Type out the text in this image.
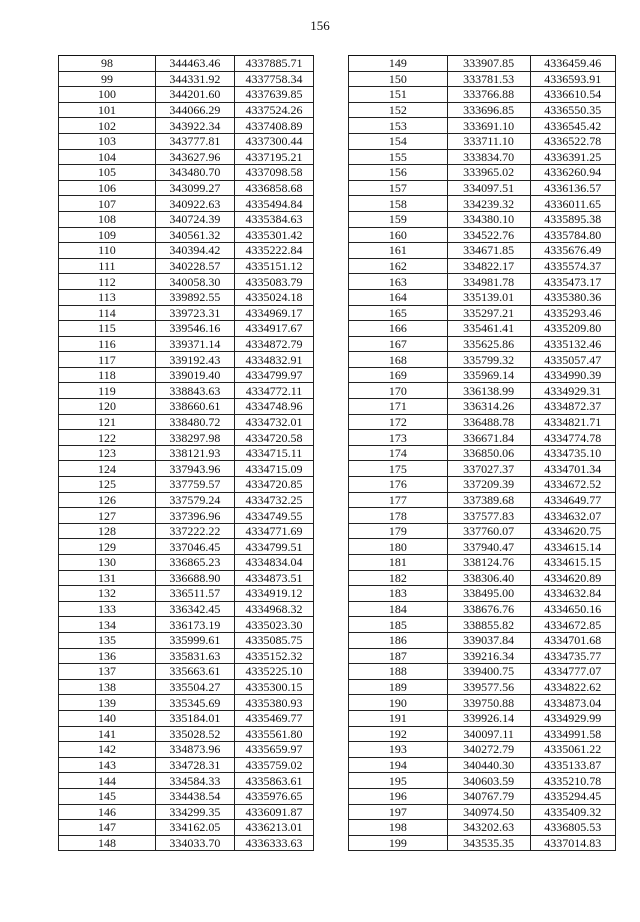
156
98	344463.46	4337885.71
99	344331.92	4337758.34
100	344201.60	4337639.85
101	344066.29	4337524.26
102	343922.34	4337408.89
103	343777.81	4337300.44
104	343627.96	4337195.21
105	343480.70	4337098.58
106	343099.27	4336858.68
107	340922.63	4335494.84
108	340724.39	4335384.63
109	340561.32	4335301.42
110	340394.42	4335222.84
111	340228.57	4335151.12
112	340058.30	4335083.79
113	339892.55	4335024.18
114	339723.31	4334969.17
115	339546.16	4334917.67
116	339371.14	4334872.79
117	339192.43	4334832.91
118	339019.40	4334799.97
119	338843.63	4334772.11
120	338660.61	4334748.96
121	338480.72	4334732.01
122	338297.98	4334720.58
123	338121.93	4334715.11
124	337943.96	4334715.09
125	337759.57	4334720.85
126	337579.24	4334732.25
127	337396.96	4334749.55
128	337222.22	4334771.69
129	337046.45	4334799.51
130	336865.23	4334834.04
131	336688.90	4334873.51
132	336511.57	4334919.12
133	336342.45	4334968.32
134	336173.19	4335023.30
135	335999.61	4335085.75
136	335831.63	4335152.32
137	335663.61	4335225.10
138	335504.27	4335300.15
139	335345.69	4335380.93
140	335184.01	4335469.77
141	335028.52	4335561.80
142	334873.96	4335659.97
143	334728.31	4335759.02
144	334584.33	4335863.61
145	334438.54	4335976.65
146	334299.35	4336091.87
147	334162.05	4336213.01
148	334033.70	4336333.63
149	333907.85	4336459.46
150	333781.53	4336593.91
151	333766.88	4336610.54
152	333696.85	4336550.35
153	333691.10	4336545.42
154	333711.10	4336522.78
155	333834.70	4336391.25
156	333965.02	4336260.94
157	334097.51	4336136.57
158	334239.32	4336011.65
159	334380.10	4335895.38
160	334522.76	4335784.80
161	334671.85	4335676.49
162	334822.17	4335574.37
163	334981.78	4335473.17
164	335139.01	4335380.36
165	335297.21	4335293.46
166	335461.41	4335209.80
167	335625.86	4335132.46
168	335799.32	4335057.47
169	335969.14	4334990.39
170	336138.99	4334929.31
171	336314.26	4334872.37
172	336488.78	4334821.71
173	336671.84	4334774.78
174	336850.06	4334735.10
175	337027.37	4334701.34
176	337209.39	4334672.52
177	337389.68	4334649.77
178	337577.83	4334632.07
179	337760.07	4334620.75
180	337940.47	4334615.14
181	338124.76	4334615.15
182	338306.40	4334620.89
183	338495.00	4334632.84
184	338676.76	4334650.16
185	338855.82	4334672.85
186	339037.84	4334701.68
187	339216.34	4334735.77
188	339400.75	4334777.07
189	339577.56	4334822.62
190	339750.88	4334873.04
191	339926.14	4334929.99
192	340097.11	4334991.58
193	340272.79	4335061.22
194	340440.30	4335133.87
195	340603.59	4335210.78
196	340767.79	4335294.45
197	340974.50	4335409.32
198	343202.63	4336805.53
199	343535.35	4337014.83
